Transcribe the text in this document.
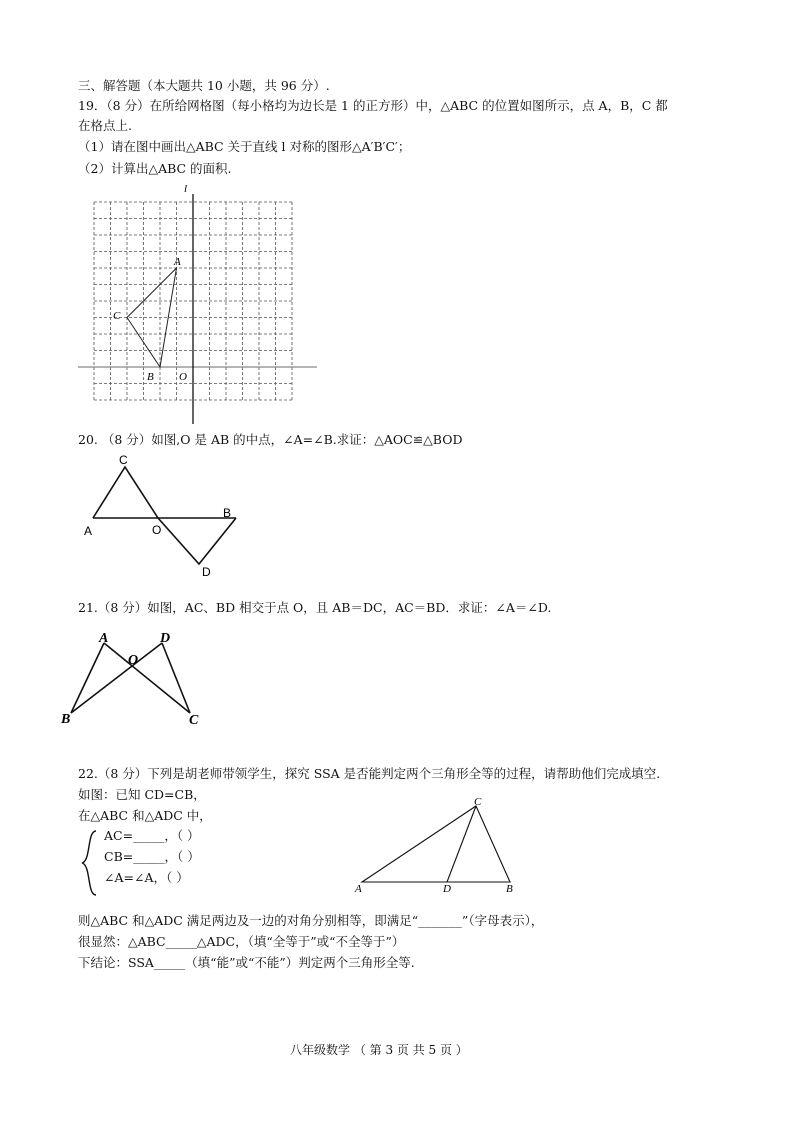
三、解答题（本大题共 10 小题，共 96 分）.
19．（8 分）在所给网格图（每小格均为边长是 1 的正方形）中，△ABC 的位置如图所示，点 A，B，C 都
在格点上.
（1）请在图中画出△ABC 关于直线 l 对称的图形△A′B′C′；
（2）计算出△ABC 的面积.
l
A
C
B O
20. （8 分）如图,O 是 AB 的中点，∠A=∠B.求证：△AOC≌△BOD
C
A	O
B
D
21.（8 分）如图，AC、BD 相交于点 O，且 AB＝DC，AC＝BD．求证：∠A＝∠D.
A	D
O
B	C
22.（8 分）下列是胡老师带领学生，探究 SSA 是否能判定两个三角形全等的过程，请帮助他们完成填空.
如图：已知 CD=CB，
在△ABC 和△ADC 中，
AC=_____，（ ）
CB=_____，（ ）
∠A=∠A，（ ）
C
A	D	B
则△ABC 和△ADC 满足两边及一边的对角分别相等，即满足“_______”（字母表示），
很显然：△ABC_____△ADC，（填“全等于”或“不全等于”）
下结论：SSA_____（填“能”或“不能”）判定两个三角形全等.
八年级数学 （ 第 3 页 共 5 页 ）
